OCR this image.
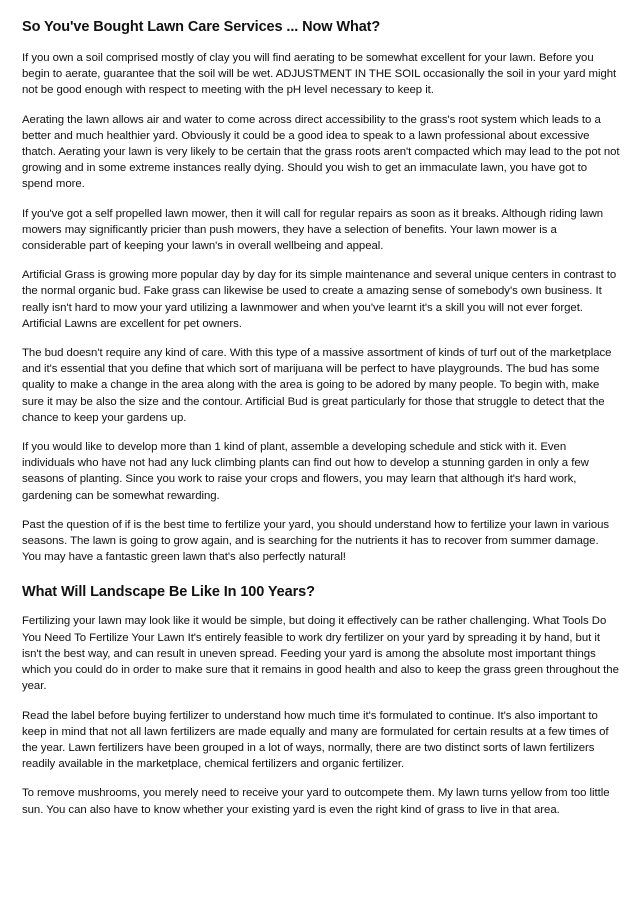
So You've Bought Lawn Care Services ... Now What?

If you own a soil comprised mostly of clay you will find aerating to be somewhat excellent for your lawn. Before you begin to aerate, guarantee that the soil will be wet. ADJUSTMENT IN THE SOIL occasionally the soil in your yard might not be good enough with respect to meeting with the pH level necessary to keep it.

Aerating the lawn allows air and water to come across direct accessibility to the grass's root system which leads to a better and much healthier yard. Obviously it could be a good idea to speak to a lawn professional about excessive thatch. Aerating your lawn is very likely to be certain that the grass roots aren't compacted which may lead to the pot not growing and in some extreme instances really dying. Should you wish to get an immaculate lawn, you have got to spend more.

If you've got a self propelled lawn mower, then it will call for regular repairs as soon as it breaks. Although riding lawn mowers may significantly pricier than push mowers, they have a selection of benefits. Your lawn mower is a considerable part of keeping your lawn's in overall wellbeing and appeal.

Artificial Grass is growing more popular day by day for its simple maintenance and several unique centers in contrast to the normal organic bud. Fake grass can likewise be used to create a amazing sense of somebody's own business. It really isn't hard to mow your yard utilizing a lawnmower and when you've learnt it's a skill you will not ever forget. Artificial Lawns are excellent for pet owners.

The bud doesn't require any kind of care. With this type of a massive assortment of kinds of turf out of the marketplace and it's essential that you define that which sort of marijuana will be perfect to have playgrounds. The bud has some quality to make a change in the area along with the area is going to be adored by many people. To begin with, make sure it may be also the size and the contour. Artificial Bud is great particularly for those that struggle to detect that the chance to keep your gardens up.

If you would like to develop more than 1 kind of plant, assemble a developing schedule and stick with it. Even individuals who have not had any luck climbing plants can find out how to develop a stunning garden in only a few seasons of planting. Since you work to raise your crops and flowers, you may learn that although it's hard work, gardening can be somewhat rewarding.

Past the question of if is the best time to fertilize your yard, you should understand how to fertilize your lawn in various seasons. The lawn is going to grow again, and is searching for the nutrients it has to recover from summer damage. You may have a fantastic green lawn that's also perfectly natural!

What Will Landscape Be Like In 100 Years?

Fertilizing your lawn may look like it would be simple, but doing it effectively can be rather challenging. What Tools Do You Need To Fertilize Your Lawn It's entirely feasible to work dry fertilizer on your yard by spreading it by hand, but it isn't the best way, and can result in uneven spread. Feeding your yard is among the absolute most important things which you could do in order to make sure that it remains in good health and also to keep the grass green throughout the year.

Read the label before buying fertilizer to understand how much time it's formulated to continue. It's also important to keep in mind that not all lawn fertilizers are made equally and many are formulated for certain results at a few times of the year. Lawn fertilizers have been grouped in a lot of ways, normally, there are two distinct sorts of lawn fertilizers readily available in the marketplace, chemical fertilizers and organic fertilizer.

To remove mushrooms, you merely need to receive your yard to outcompete them. My lawn turns yellow from too little sun. You can also have to know whether your existing yard is even the right kind of grass to live in that area.
